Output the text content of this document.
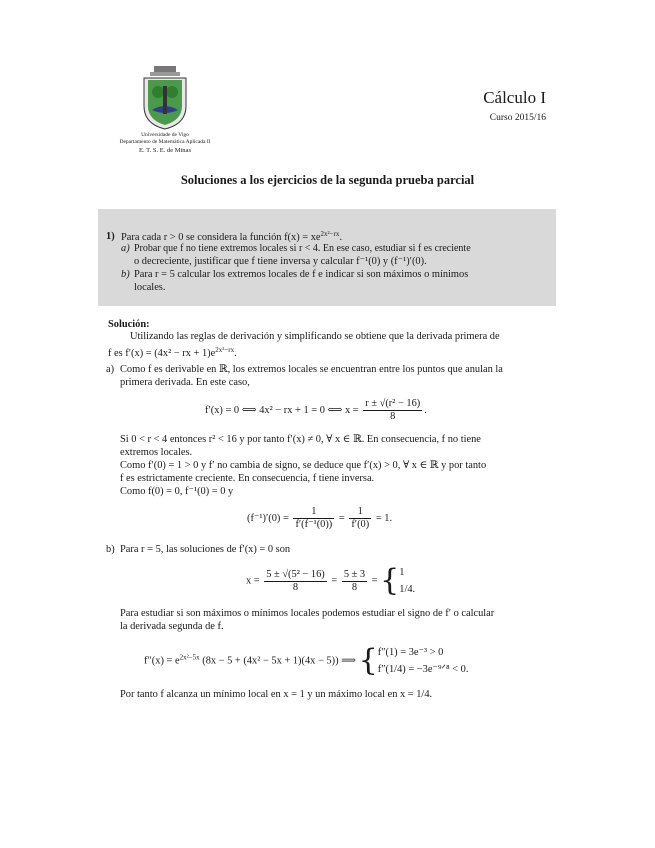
Universidade de Vigo
Departamento de Matemática Aplicada II
E. T. S. E. de Minas
Cálculo I
Curso 2015/16
Soluciones a los ejercicios de la segunda prueba parcial
1) Para cada r > 0 se considera la función $f(x) = xe^{2x^2-rx}$.
a) Probar que f no tiene extremos locales si r < 4. En ese caso, estudiar si f es creciente
o decreciente, justificar que f tiene inversa y calcular f⁻¹(0) y (f⁻¹)′(0).
b) Para r = 5 calcular los extremos locales de f e indicar si son máximos o mínimos
locales.
Solución:
Utilizando las reglas de derivación y simplificando se obtiene que la derivada primera de
f es f′(x) = (4x² − rx + $1)e^{2x^2-rx}$.
a) Como f es derivable en ℝ, los extremos locales se encuentran entre los puntos que anulan la
primera derivada. En este caso,
f′(x) = 0 ⟺ 4x² − rx + 1 = 0 ⟺ $x = \frac{\text{r ± √(r² − 16)}}{8}$ .
Si 0 < r < 4 entonces r² < 16 y por tanto f′(x) ≠ 0, ∀ x ∈ ℝ. En consecuencia, f no tiene
extremos locales.
Como f′(0) = 1 > 0 y f′ no cambia de signo, se deduce que f′(x) > 0, ∀ x ∈ ℝ y por tanto
f es estrictamente creciente. En consecuencia, f tiene inversa.
Como f(0) = 0, f⁻¹(0) = 0 y
$(f^{-1})'(0) = \frac{1}{\text{f′(f⁻¹(0))}} = \frac{1}{f'(0)} = 1$.
b) Para r = 5, las soluciones de f′(x) = 0 son
$x = \frac{\text{5 ± √(5² − 16)}}{8} = \frac{5 \pm 3}{8}$ = { 1
1/4.
Para estudiar si son máximos o mínimos locales podemos estudiar el signo de f′ o calcular
la derivada segunda de f.
$f''(x) = e^{2x^2-5x}$ (8x − 5 + (4x² − 5x + 1)(4x − 5)) ⟹ { f″(1) = 3e⁻³ > 0
f″(1/4) = −3e⁻⁹ᐟ⁸ < 0.
Por tanto f alcanza un mínimo local en x = 1 y un máximo local en x = 1/4.
